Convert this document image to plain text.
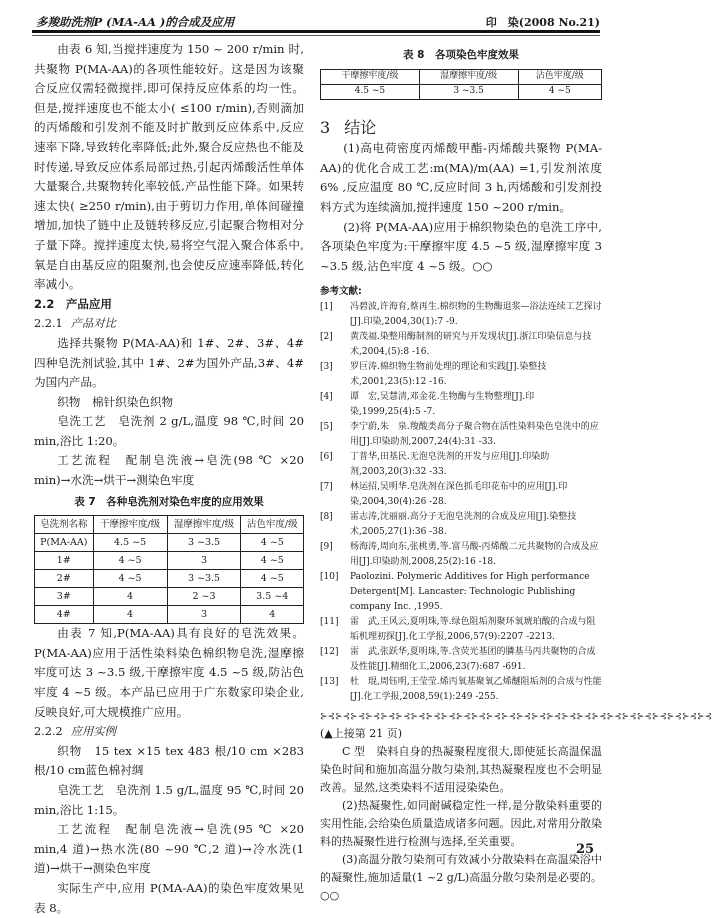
多羧助洗剂P (MA-AA )的合成及应用	印　染(2008 No.21)

由表 6 知,当搅拌速度为 150 ~ 200 r/min 时,共聚物 P(MA-AA)的各项性能较好。这是因为该聚合反应仅需轻微搅拌,即可保持反应体系的均一性。但是,搅拌速度也不能太小( ≤100 r/min),否则滴加的丙烯酸和引发剂不能及时扩散到反应体系中,反应速率下降,导致转化率降低;此外,聚合反应热也不能及时传递,导致反应体系局部过热,引起丙烯酸活性单体大量聚合,共聚物转化率较低,产品性能下降。如果转速太快( ≥250 r/min),由于剪切力作用,单体间碰撞增加,加快了链中止及链转移反应,引起聚合物相对分子量下降。搅拌速度太快,易将空气混入聚合体系中,氧是自由基反应的阻聚剂,也会使反应速率降低,转化率减小。

2.2　产品应用

2.2.1 产品对比

选择共聚物 P(MA-AA)和 1#、2#、3#、4#四种皂洗剂试验,其中 1#、2#为国外产品,3#、4#为国内产品。

织物　棉针织染色织物

皂洗工艺　皂洗剂 2 g/L,温度 98 ℃,时间 20 min,浴比 1:20。

工艺流程　配制皂洗液→皂洗(98 ℃ ×20 min)→水洗→烘干→测染色牢度

表 7　各种皂洗剂对染色牢度的应用效果
皂洗剂名称	干摩擦牢度/级	湿摩擦牢度/级	沾色牢度/级
P(MA-AA)	4.5 ~5	3 ~3.5	4 ~5
1#	4 ~5	3	4 ~5
2#	4 ~5	3 ~3.5	4 ~5
3#	4	2 ~3	3.5 ~4
4#	4	3	4

由表 7 知,P(MA-AA)具有良好的皂洗效果。P(MA-AA)应用于活性染料染色棉织物皂洗,湿摩擦牢度可达 3 ~3.5 级,干摩擦牢度 4.5 ~5 级,防沾色牢度 4 ~5 级。本产品已应用于广东数家印染企业,反映良好,可大规模推广应用。

2.2.2 应用实例

织物　15 tex ×15 tex 483 根/10 cm ×283 根/10 cm蓝色棉衬绸

皂洗工艺　皂洗剂 1.5 g/L,温度 95 ℃,时间 20 min,浴比 1:15。

工艺流程　配制皂洗液→皂洗(95 ℃ ×20 min,4 道)→热水洗(80 ~90 ℃,2 道)→冷水洗(1 道)→烘干→测染色牢度

实际生产中,应用 P(MA-AA)的染色牢度效果见表 8。

表 8　各项染色牢度效果
干摩擦牢度/级	湿摩擦牢度/级	沾色牢度/级
4.5 ~5	3 ~3.5	4 ~5
3 结论

(1)高电荷密度丙烯酸甲酯-丙烯酸共聚物 P(MA-AA)的优化合成工艺:m(MA)/m(AA) =1,引发剂浓度6% ,反应温度 80 ℃,反应时间 3 h,丙烯酸和引发剂投料方式为连续滴加,搅拌速度 150 ~200 r/min。

(2)将 P(MA-AA)应用于棉织物染色的皂洗工序中,各项染色牢度为:干摩擦牢度 4.5 ~5 级,湿摩擦牢度 3 ~3.5 级,沾色牢度 4 ~5 级。○○

参考文献:
[1] 冯碧波,许海育,蔡再生.棉织物的生物酶退浆—浴法连续工艺探讨[J].印染,2004,30(1):7 -9.
[2] 黄茂福.染整用酶制剂的研究与开发现状[J].浙江印染信息与技术,2004,(5):8 -16.
[3] 罗巨涛.棉织物生物前处理的理论和实践[J].染整技术,2001,23(5):12 -16.
[4] 谭　宏,吴慧清,邓金花.生物酶与生物整理[J].印染,1999,25(4):5 -7.
[5] 李宁蔚,朱　泉.羧酸类高分子聚合物在活性染料染色皂洗中的应用[J].印染助剂,2007,24(4):31 -33.
[6] 丁普华,田基民.无泡皂洗剂的开发与应用[J].印染助剂,2003,20(3):32 -33.
[7] 林运招,吴明华.皂洗剂在深色抓毛印花布中的应用[J].印染,2004,30(4):26 -28.
[8] 雷志涛,沈丽丽.高分子无泡皂洗剂的合成及应用[J].染整技术,2005,27(1):36 -38.
[9] 杨海涛,周向东,张桃勇,等.富马酸-丙烯酸二元共聚物的合成及应用[J].印染助剂,2008,25(2):16 -18.
[10] Paolozini. Polymeric Additives for High performance Detergent[M]. Lancaster: Technologic Publishing company Inc. ,1995.
[11] 雷　武,王风云,夏明珠,等.绿色阻垢剂聚环氧琥珀酸的合成与阻垢机理初探[J].化工学报,2006,57(9):2207 -2213.
[12] 雷　武,张跃华,夏明珠,等.含荧光基团的膦基马丙共聚物的合成及性能[J].精细化工,2006,23(7):687 -691.
[13] 杜　琨,周钰明,王莹莹.烯丙氧基聚氧乙烯醚阻垢剂的合成与性能[J].化工学报,2008,59(1):249 -255.
⊱⊰⊱⊰⊱⊰⊱⊰⊱⊰⊱⊰⊱⊰⊱⊰⊱⊰⊱⊰⊱⊰⊱⊰⊱⊰⊱⊰⊱⊰⊱⊰⊱⊰⊱⊰⊱⊰⊱⊰⊱⊰⊱⊰⊱⊰⊱⊰⊱⊰⊱⊰

(▲上接第 21 页)

C 型　染料自身的热凝聚程度很大,即使延长高温保温染色时间和施加高温分散匀染剂,其热凝聚程度也不会明显改善。显然,这类染料不适用浸染染色。

(2)热凝聚性,如同耐碱稳定性一样,是分散染料重要的实用性能,会给染色质量造成诸多问题。因此,对常用分散染料的热凝聚性进行检测与选择,至关重要。

(3)高温分散匀染剂可有效减小分散染料在高温染浴中的凝聚性,施加适量(1 ~2 g/L)高温分散匀染剂是必要的。○○

25
